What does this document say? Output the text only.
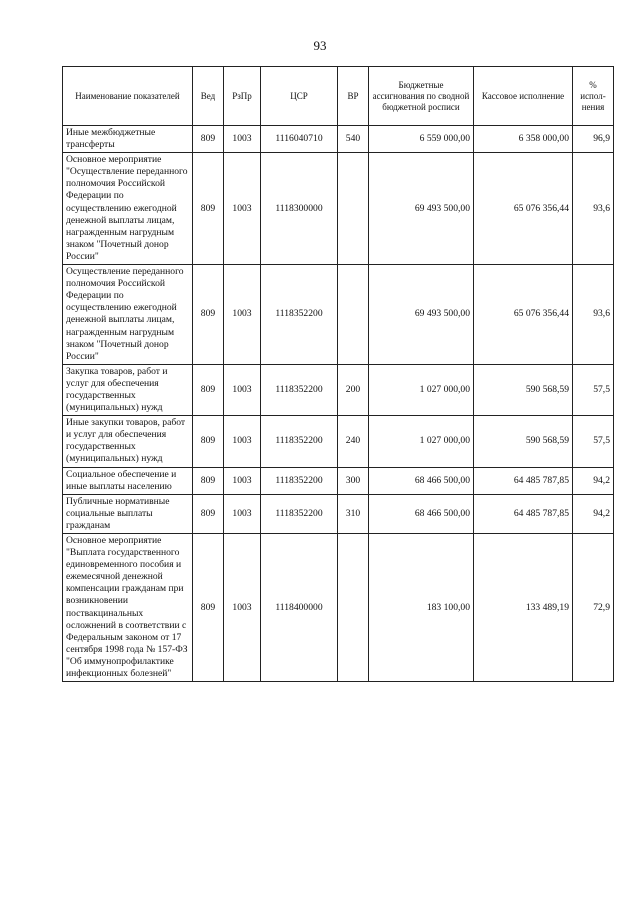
93
Наименование показателей	Вед	РзПр	ЦСР	ВР	Бюджетные ассигнования по сводной бюджетной росписи	Кассовое исполнение	% испол-нения
Иные межбюджетные трансферты	809	1003	1116040710	540	6 559 000,00	6 358 000,00	96,9
Основное мероприятие "Осуществление переданного полномочия Российской Федерации по осуществлению ежегодной денежной выплаты лицам, награжденным нагрудным знаком "Почетный донор России"	809	1003	1118300000		69 493 500,00	65 076 356,44	93,6
Осуществление переданного полномочия Российской Федерации по осуществлению ежегодной денежной выплаты лицам, награжденным нагрудным знаком "Почетный донор России"	809	1003	1118352200		69 493 500,00	65 076 356,44	93,6
Закупка товаров, работ и услуг для обеспечения государственных (муниципальных) нужд	809	1003	1118352200	200	1 027 000,00	590 568,59	57,5
Иные закупки товаров, работ и услуг для обеспечения государственных (муниципальных) нужд	809	1003	1118352200	240	1 027 000,00	590 568,59	57,5
Социальное обеспечение и иные выплаты населению	809	1003	1118352200	300	68 466 500,00	64 485 787,85	94,2
Публичные нормативные социальные выплаты гражданам	809	1003	1118352200	310	68 466 500,00	64 485 787,85	94,2
Основное мероприятие "Выплата государственного единовременного пособия и ежемесячной денежной компенсации гражданам при возникновении поствакцинальных осложнений в соответствии с Федеральным законом от 17 сентября 1998 года № 157-ФЗ "Об иммунопрофилактике инфекционных болезней"	809	1003	1118400000		183 100,00	133 489,19	72,9
